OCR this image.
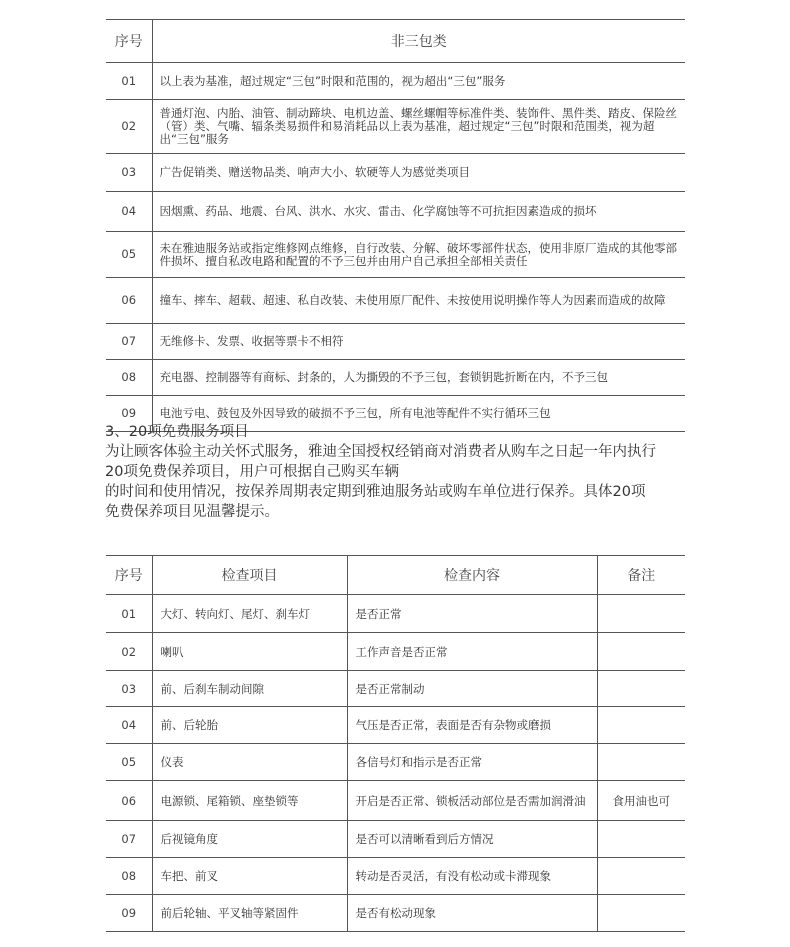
序号	非三包类
01	以上表为基准，超过规定“三包”时限和范围的，视为超出“三包”服务
02	普通灯泡、内胎、油管、制动蹄块、电机边盖、螺丝螺帽等标准件类、装饰件、黑件类、踏皮、保险丝（管）类、气嘴、辐条类易损件和易消耗品以上表为基准，超过规定“三包”时限和范围类，视为超出“三包”服务
03	广告促销类、赠送物品类、响声大小、软硬等人为感觉类项目
04	因烟熏、药品、地震、台风、洪水、水灾、雷击、化学腐蚀等不可抗拒因素造成的损坏
05	未在雅迪服务站或指定维修网点维修，自行改装、分解、破坏零部件状态，使用非原厂造成的其他零部件损坏、擅自私改电路和配置的不予三包并由用户自己承担全部相关责任
06	撞车、摔车、超载、超速、私自改装、未使用原厂配件、未按使用说明操作等人为因素而造成的故障
07	无维修卡、发票、收据等票卡不相符
08	充电器、控制器等有商标、封条的，人为撕毁的不予三包，套锁钥匙折断在内，不予三包
09	电池亏电、鼓包及外因导致的破损不予三包，所有电池等配件不实行循环三包

3、20项免费服务项目

为让顾客体验主动关怀式服务，雅迪全国授权经销商对消费者从购车之日起一年内执行

20项免费保养项目，用户可根据自己购买车辆

的时间和使用情况，按保养周期表定期到雅迪服务站或购车单位进行保养。具体20项

免费保养项目见温馨提示。

序号	检查项目	检查内容	备注
01	大灯、转向灯、尾灯、刹车灯	是否正常	
02	喇叭	工作声音是否正常	
03	前、后刹车制动间隙	是否正常制动	
04	前、后轮胎	气压是否正常，表面是否有杂物或磨损	
05	仪表	各信号灯和指示是否正常	
06	电源锁、尾箱锁、座垫锁等	开启是否正常、锁板活动部位是否需加润滑油	食用油也可
07	后视镜角度	是否可以清晰看到后方情况	
08	车把、前叉	转动是否灵活，有没有松动或卡滞现象	
09	前后轮轴、平叉轴等紧固件	是否有松动现象	
